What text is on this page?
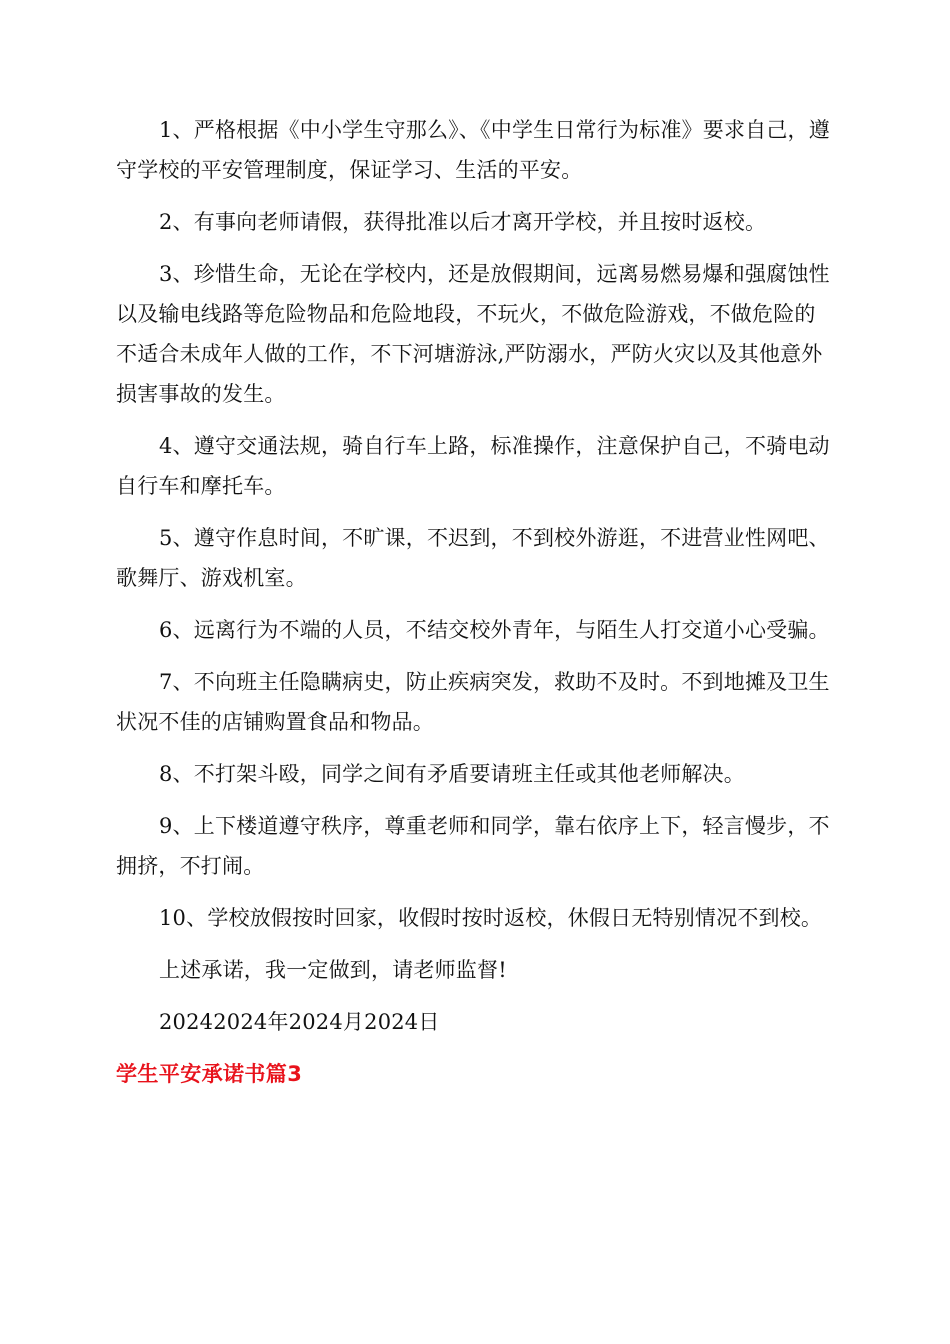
1、严格根据《中小学生守那么》、《中学生日常行为标准》要求自己，遵守学校的平安管理制度，保证学习、生活的平安。

2、有事向老师请假，获得批准以后才离开学校，并且按时返校。

3、珍惜生命，无论在学校内，还是放假期间，远离易燃易爆和强腐蚀性以及输电线路等危险物品和危险地段，不玩火，不做危险游戏，不做危险的不适合未成年人做的工作，不下河塘游泳,严防溺水，严防火灾以及其他意外损害事故的发生。

4、遵守交通法规，骑自行车上路，标准操作，注意保护自己，不骑电动自行车和摩托车。

5、遵守作息时间，不旷课，不迟到，不到校外游逛，不进营业性网吧、歌舞厅、游戏机室。

6、远离行为不端的人员，不结交校外青年，与陌生人打交道小心受骗。

7、不向班主任隐瞒病史，防止疾病突发，救助不及时。不到地摊及卫生状况不佳的店铺购置食品和物品。

8、不打架斗殴，同学之间有矛盾要请班主任或其他老师解决。

9、上下楼道遵守秩序，尊重老师和同学，靠右依序上下，轻言慢步，不拥挤，不打闹。

10、学校放假按时回家，收假时按时返校，休假日无特别情况不到校。

上述承诺，我一定做到，请老师监督!

20242024年2024月2024日

学生平安承诺书篇3
